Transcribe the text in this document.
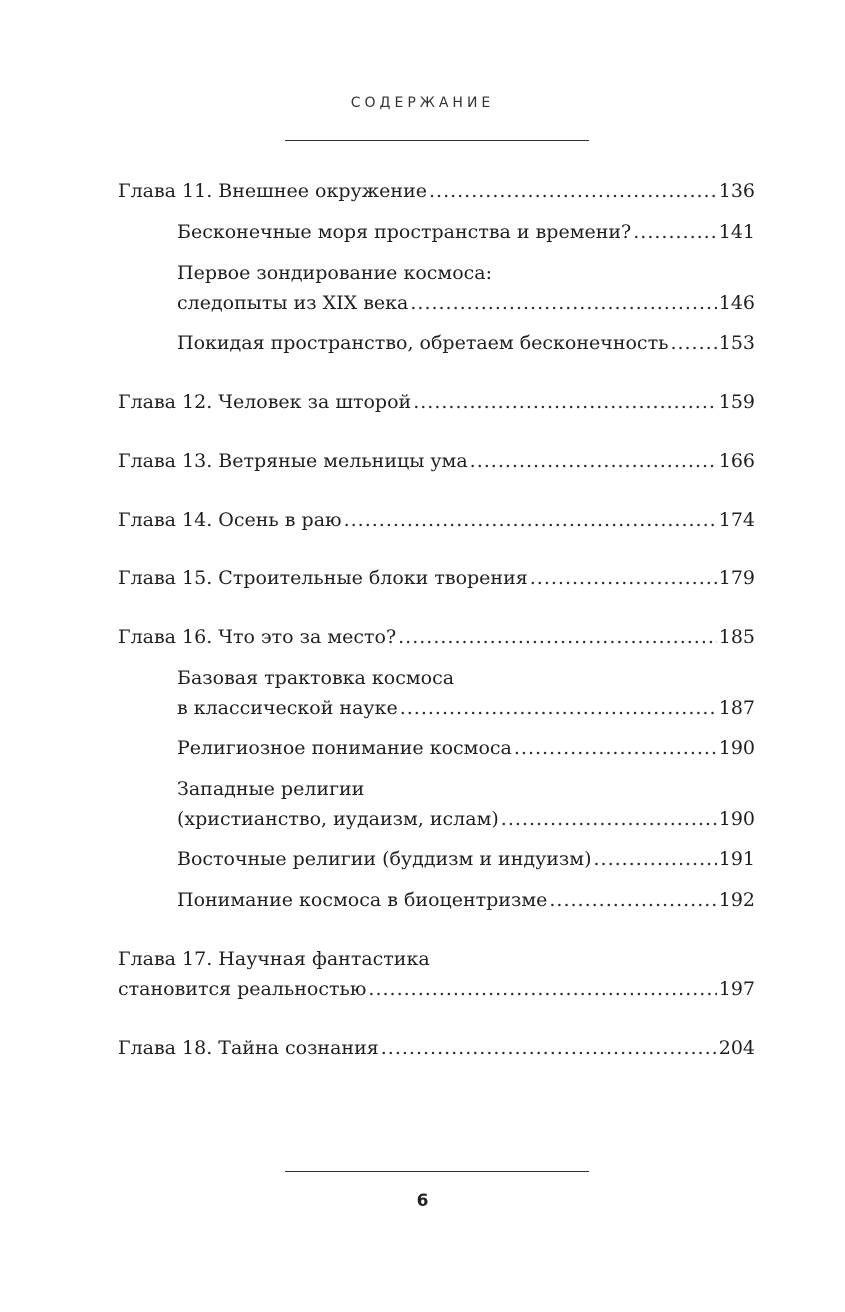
СОДЕРЖАНИЕ
Глава 11. Внешнее окружение .....	136
Бесконечные моря пространства и времени? .....	141
Первое зондирование космоса:
следопыты из XIX века .....	146
Покидая пространство, обретаем бесконечность .....	153
Глава 12. Человек за шторой .....	159
Глава 13. Ветряные мельницы ума .....	166
Глава 14. Осень в раю .....	174
Глава 15. Строительные блоки творения .....	179
Глава 16. Что это за место? .....	185
Базовая трактовка космоса
в классической науке .....	187
Религиозное понимание космоса .....	190
Западные религии
(христианство, иудаизм, ислам) .....	190
Восточные религии (буддизм и индуизм) .....	191
Понимание космоса в биоцентризме .....	192
Глава 17. Научная фантастика
становится реальностью .....	197
Глава 18. Тайна сознания .....	204
6
